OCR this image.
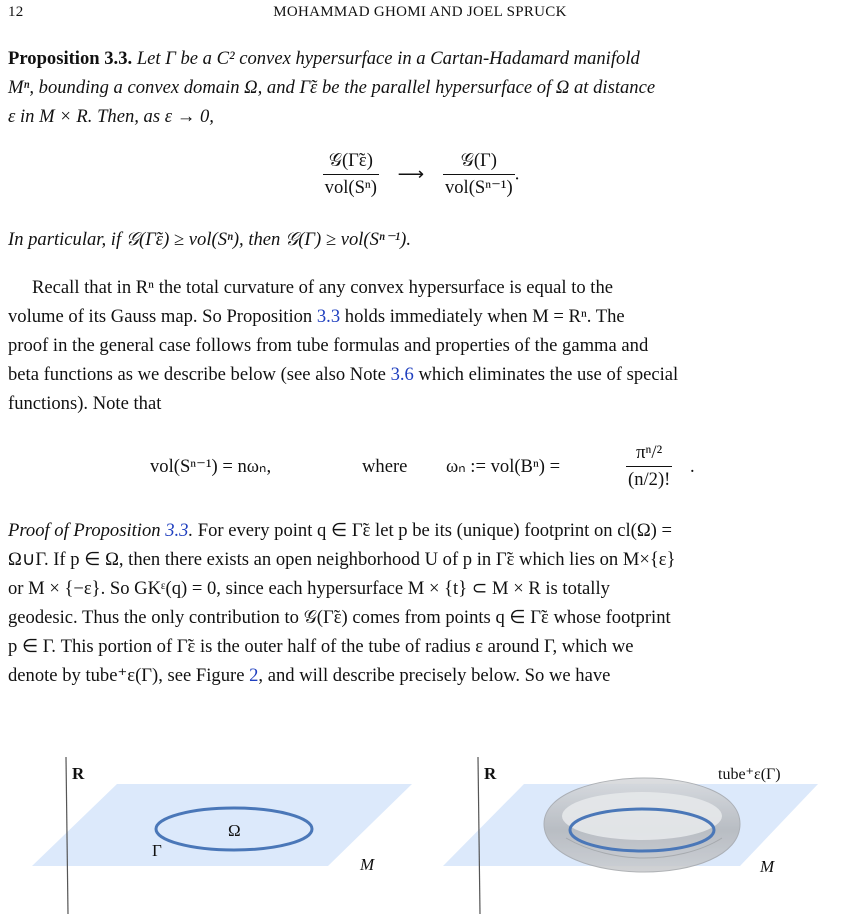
12	MOHAMMAD GHOMI AND JOEL SPRUCK
Proposition 3.3. Let Γ be a C² convex hypersurface in a Cartan-Hadamard manifold
Mⁿ, bounding a convex domain Ω, and Γ̃ε be the parallel hypersurface of Ω at distance
ε in M × R. Then, as ε → 0,
$\frac{\text{𝒢(Γ̃ε)}}{\text{vol(Sⁿ)}}$ ⟶ $\frac{\text{𝒢(Γ)}}{\text{vol(Sⁿ⁻¹)}}$ .
In particular, if 𝒢(Γ̃ε) ≥ vol(Sⁿ), then 𝒢(Γ) ≥ vol(Sⁿ⁻¹).
Recall that in Rⁿ the total curvature of any convex hypersurface is equal to the
volume of its Gauss map. So Proposition 3.3 holds immediately when M = Rⁿ. The
proof in the general case follows from tube formulas and properties of the gamma and
beta functions as we describe below (see also Note 3.6 which eliminates the use of special
functions). Note that
vol(Sⁿ⁻¹) = nωₙ,	where ωₙ := vol(Bⁿ) =	$\frac{\text{πⁿ/²}}{(n/2)!}$ .
Proof of Proposition 3.3. For every point q ∈ Γ̃ε let p be its (unique) footprint on cl(Ω) =
Ω∪Γ. If p ∈ Ω, then there exists an open neighborhood U of p in Γ̃ε which lies on M×{ε}
or M × {−ε}. So GKᵋ(q) = 0, since each hypersurface M × {t} ⊂ M × R is totally
geodesic. Thus the only contribution to 𝒢(Γ̃ε) comes from points q ∈ Γ̃ε whose footprint
p ∈ Γ. This portion of Γ̃ε is the outer half of the tube of radius ε around Γ, which we
denote by tube⁺ε(Γ), see Figure 2, and will describe precisely below. So we have
R
Ω
Γ
M
R	tube⁺ε(Γ)
M
